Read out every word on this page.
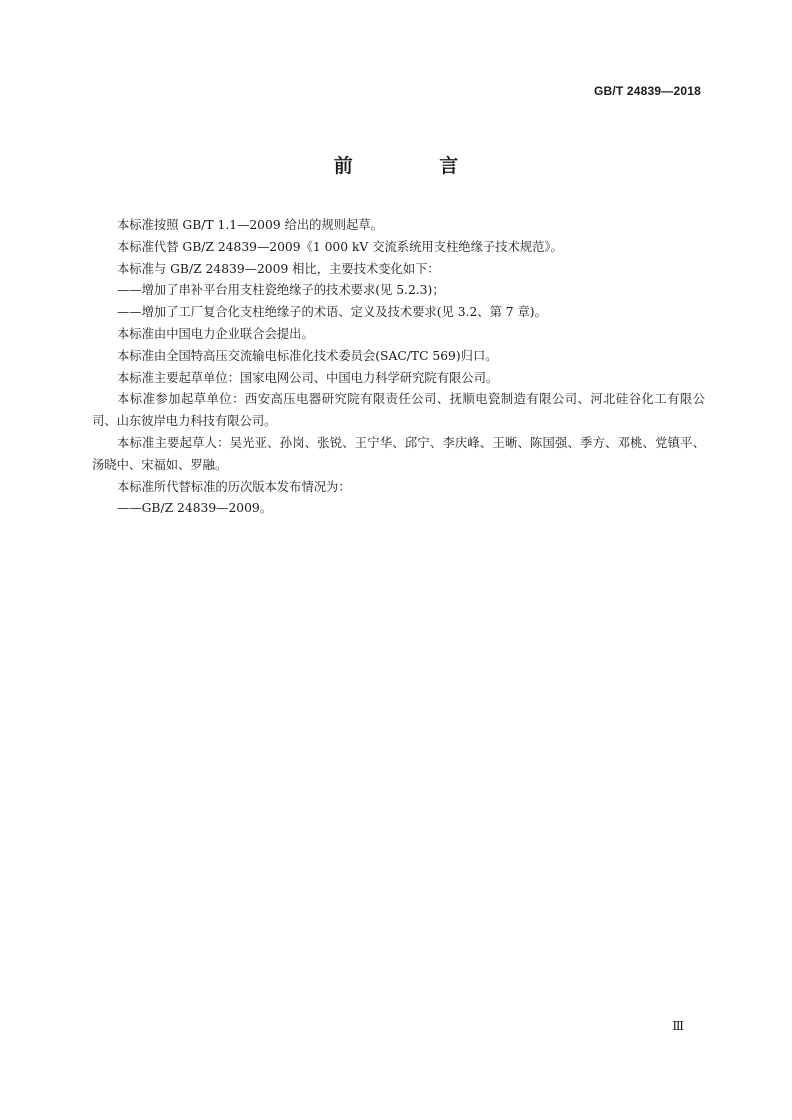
GB/T 24839—2018
前 言

本标准按照 GB/T 1.1—2009 给出的规则起草。

本标准代替 GB/Z 24839—2009《1 000 kV 交流系统用支柱绝缘子技术规范》。

本标准与 GB/Z 24839—2009 相比，主要技术变化如下：

——增加了串补平台用支柱瓷绝缘子的技术要求(见 5.2.3)；

——增加了工厂复合化支柱绝缘子的术语、定义及技术要求(见 3.2、第 7 章)。

本标准由中国电力企业联合会提出。

本标准由全国特高压交流输电标准化技术委员会(SAC/TC 569)归口。

本标准主要起草单位：国家电网公司、中国电力科学研究院有限公司。

本标准参加起草单位：西安高压电器研究院有限责任公司、抚顺电瓷制造有限公司、河北硅谷化工有限公司、山东彼岸电力科技有限公司。

本标准主要起草人：吴光亚、孙岗、张锐、王宁华、邱宁、李庆峰、王晰、陈国强、季方、邓桃、党镇平、汤晓中、宋福如、罗融。

本标准所代替标准的历次版本发布情况为：

——GB/Z 24839—2009。

Ⅲ
